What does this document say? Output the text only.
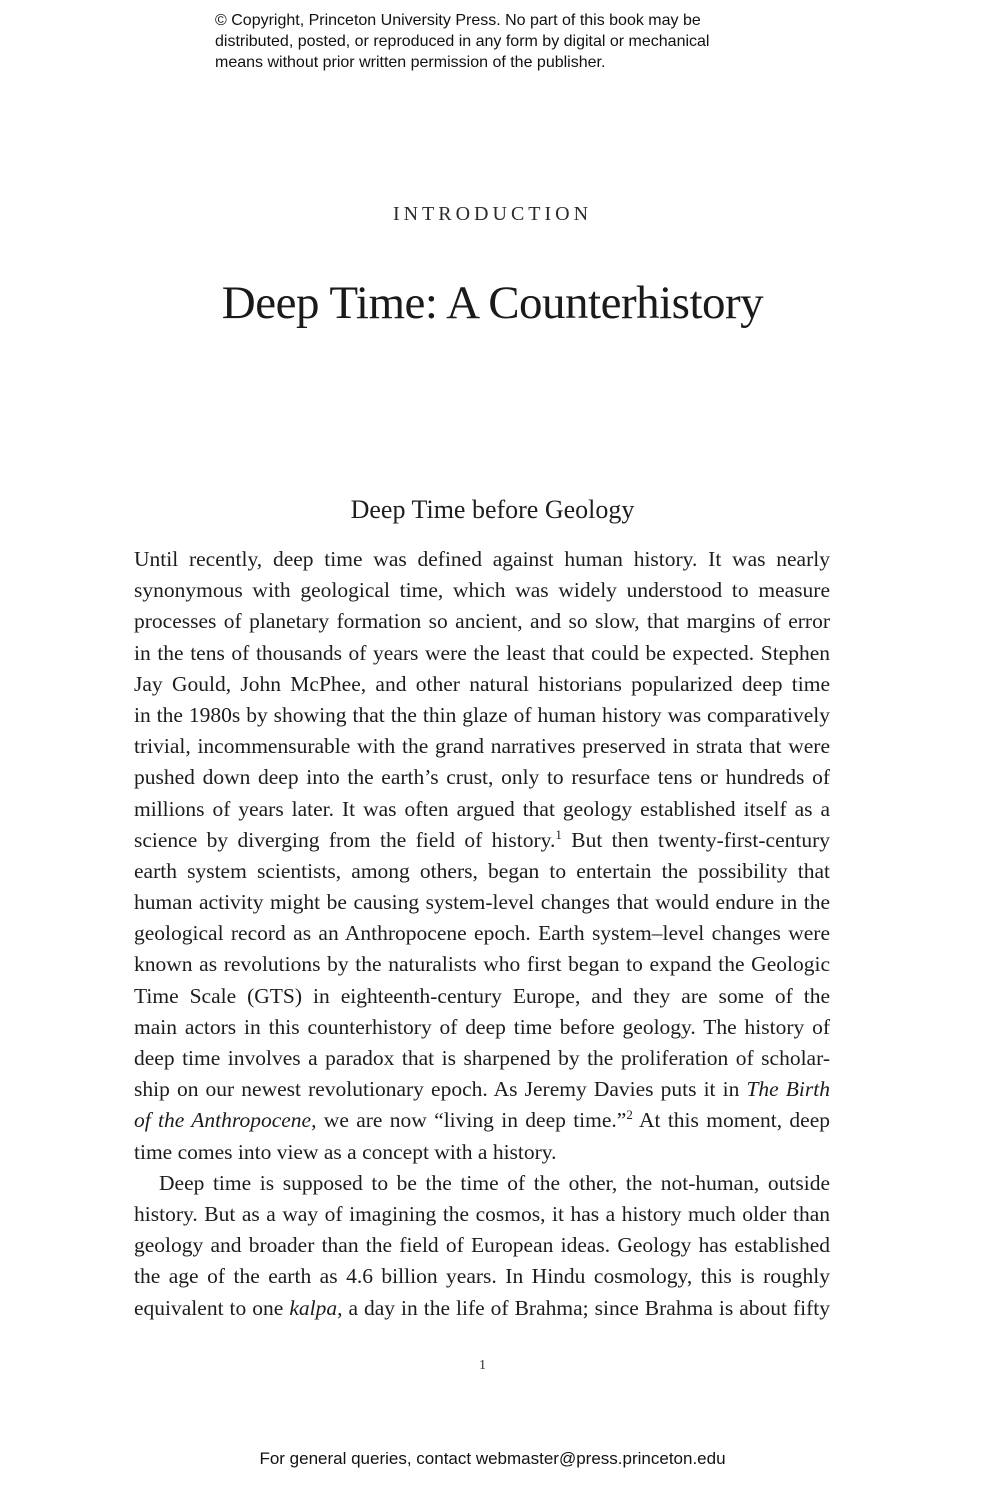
© Copyright, Princeton University Press. No part of this book may be
distributed, posted, or reproduced in any form by digital or mechanical
means without prior written permission of the publisher.
INTRODUCTION
Deep Time: A Counterhistory
Deep Time before Geology
Until recently, deep time was defined against human history. It was nearly
synonymous with geological time, which was widely understood to measure
processes of planetary formation so ancient, and so slow, that margins of error
in the tens of thousands of years were the least that could be expected. Stephen
Jay Gould, John McPhee, and other natural historians popularized deep time
in the 1980s by showing that the thin glaze of human history was comparatively
trivial, incommensurable with the grand narratives preserved in strata that were
pushed down deep into the earth’s crust, only to resurface tens or hundreds of
millions of years later. It was often argued that geology established itself as a
science by diverging from the field of history.$^1$ But then twenty-first-century
earth system scientists, among others, began to entertain the possibility that
human activity might be causing system-level changes that would endure in the
geological record as an Anthropocene epoch. Earth system–level changes were
known as revolutions by the naturalists who first began to expand the Geologic
Time Scale (GTS) in eighteenth-century Europe, and they are some of the
main actors in this counterhistory of deep time before geology. The history of
deep time involves a paradox that is sharpened by the proliferation of scholar-
ship on our newest revolutionary epoch. As Jeremy Davies puts it in The Birth
of the Anthropocene, we are now “living in deep time.”$^2$ At this moment, deep
time comes into view as a concept with a history.
Deep time is supposed to be the time of the other, the not-human, outside
history. But as a way of imagining the cosmos, it has a history much older than
geology and broader than the field of European ideas. Geology has established
the age of the earth as 4.6 billion years. In Hindu cosmology, this is roughly
equivalent to one kalpa, a day in the life of Brahma; since Brahma is about fifty
1
For general queries, contact webmaster@press.princeton.edu
